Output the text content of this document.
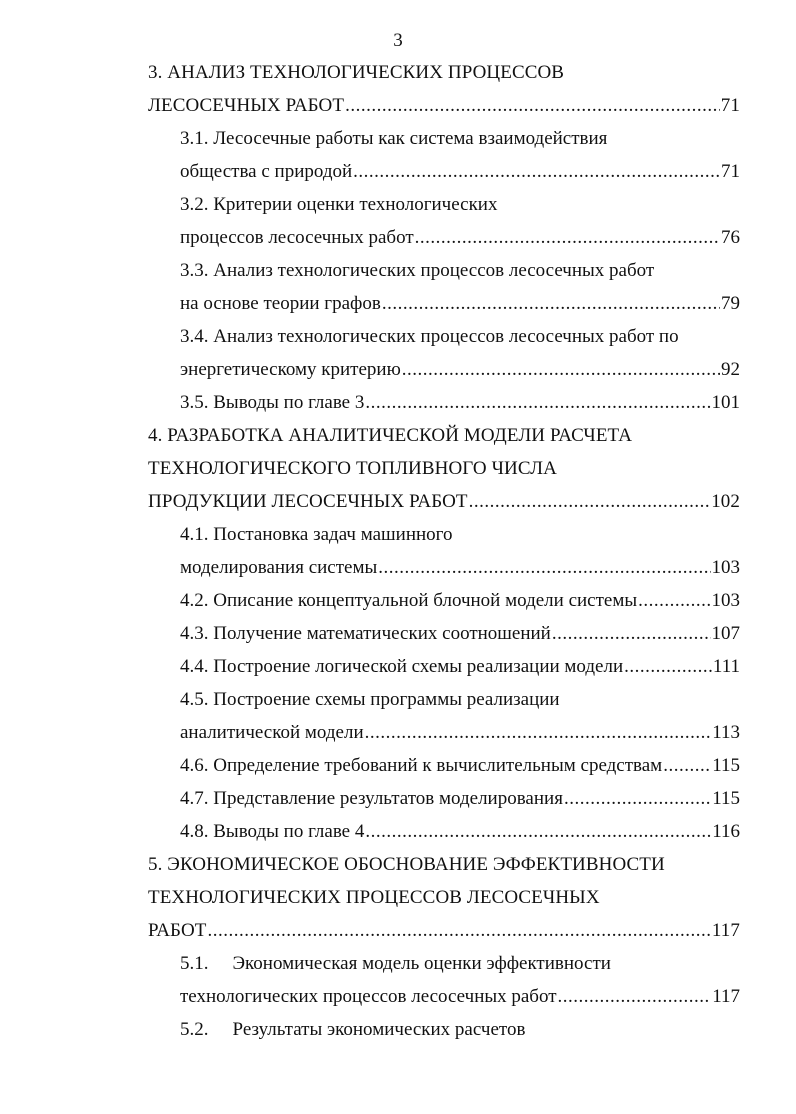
3
3. АНАЛИЗ ТЕХНОЛОГИЧЕСКИХ ПРОЦЕССОВ
ЛЕСОСЕЧНЫХ РАБОТ .....	71
3.1. Лесосечные работы как система взаимодействия
общества с природой .....	71
3.2. Критерии оценки технологических
процессов лесосечных работ .....	76
3.3. Анализ технологических процессов лесосечных работ
на основе теории графов .....	79
3.4. Анализ технологических процессов лесосечных работ по
энергетическому критерию .....	92
3.5. Выводы по главе 3 .....	101
4. РАЗРАБОТКА АНАЛИТИЧЕСКОЙ МОДЕЛИ РАСЧЕТА
ТЕХНОЛОГИЧЕСКОГО ТОПЛИВНОГО ЧИСЛА
ПРОДУКЦИИ ЛЕСОСЕЧНЫХ РАБОТ .....	102
4.1. Постановка задач машинного
моделирования системы .....	103
4.2. Описание концептуальной блочной модели системы .....	103
4.3. Получение математических соотношений .....	107
4.4. Построение логической схемы реализации модели .....	111
4.5. Построение схемы программы реализации
аналитической модели .....	113
4.6. Определение требований к вычислительным средствам .....	115
4.7. Представление результатов моделирования .....	115
4.8. Выводы по главе 4 .....	116
5. ЭКОНОМИЧЕСКОЕ ОБОСНОВАНИЕ ЭФФЕКТИВНОСТИ
ТЕХНОЛОГИЧЕСКИХ ПРОЦЕССОВ ЛЕСОСЕЧНЫХ
РАБОТ .....	117
5.1. Экономическая модель оценки эффективности
технологических процессов лесосечных работ .....	117
5.2. Результаты экономических расчетов
